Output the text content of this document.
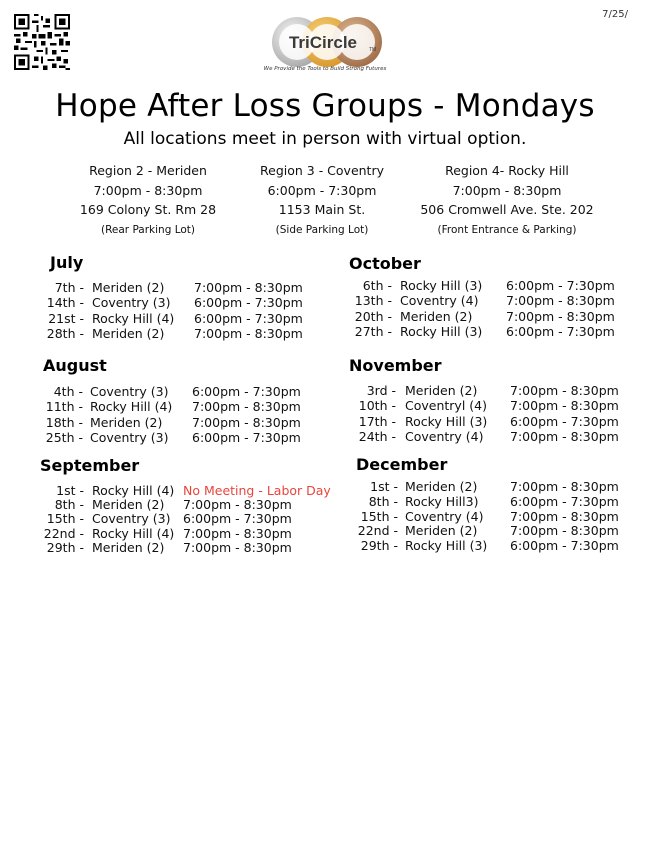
7/25/
TriCircle TM
We Provide the Tools to Build Strong Futures
Hope After Loss Groups - Mondays
All locations meet in person with virtual option.
Region 2 - Meriden
7:00pm - 8:30pm
169 Colony St. Rm 28
(Rear Parking Lot)
Region 3 - Coventry
6:00pm - 7:30pm
1153 Main St.
(Side Parking Lot)
Region 4- Rocky Hill
7:00pm - 8:30pm
506 Cromwell Ave. Ste. 202
(Front Entrance & Parking)
July
August
September
October
November
December
7th - Meriden (2) 7:00pm - 8:30pm
14th - Coventry (3) 6:00pm - 7:30pm
21st - Rocky Hill (4) 6:00pm - 7:30pm
28th - Meriden (2) 7:00pm - 8:30pm
4th - Coventry (3) 6:00pm - 7:30pm
11th - Rocky Hill (4) 7:00pm - 8:30pm
18th - Meriden (2) 7:00pm - 8:30pm
25th - Coventry (3) 6:00pm - 7:30pm
1st - Rocky Hill (4) No Meeting - Labor Day
8th - Meriden (2) 7:00pm - 8:30pm
15th - Coventry (3) 6:00pm - 7:30pm
22nd - Rocky Hill (4) 7:00pm - 8:30pm
29th - Meriden (2) 7:00pm - 8:30pm
6th - Rocky Hill (3) 6:00pm - 7:30pm
13th - Coventry (4) 7:00pm - 8:30pm
20th - Meriden (2)	7:00pm - 8:30pm
27th - Rocky Hill (3) 6:00pm - 7:30pm
3rd - Meriden (2)	7:00pm - 8:30pm
10th - Coventryl (4) 7:00pm - 8:30pm
17th - Rocky Hill (3) 6:00pm - 7:30pm
24th - Coventry (4) 7:00pm - 8:30pm
1st - Meriden (2)	7:00pm - 8:30pm
8th - Rocky Hill3)	6:00pm - 7:30pm
15th - Coventry (4) 7:00pm - 8:30pm
22nd - Meriden (2)	7:00pm - 8:30pm
29th - Rocky Hill (3) 6:00pm - 7:30pm
